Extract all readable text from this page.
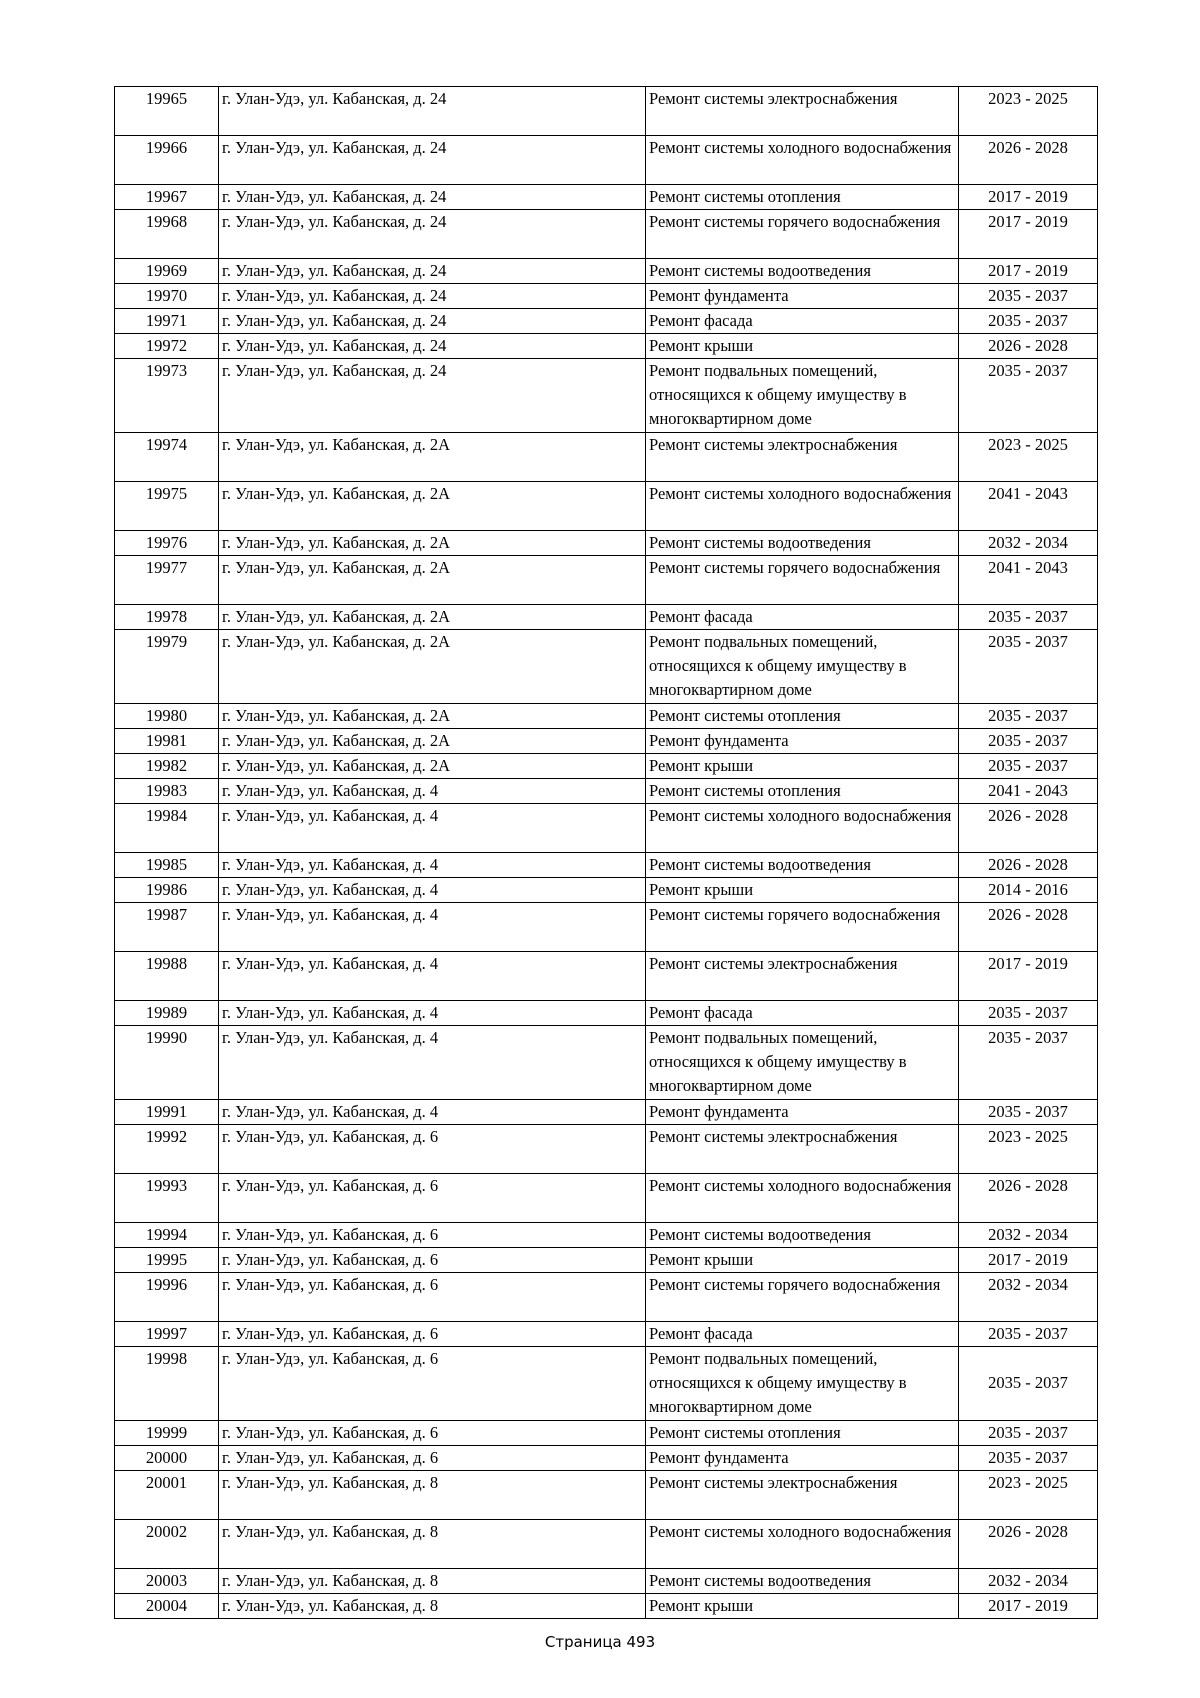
19965	г. Улан-Удэ, ул. Кабанская, д. 24	Ремонт системы электроснабжения	2023 - 2025
19966	г. Улан-Удэ, ул. Кабанская, д. 24	Ремонт системы холодного водоснабжения	2026 - 2028
19967	г. Улан-Удэ, ул. Кабанская, д. 24	Ремонт системы отопления	2017 - 2019
19968	г. Улан-Удэ, ул. Кабанская, д. 24	Ремонт системы горячего водоснабжения	2017 - 2019
19969	г. Улан-Удэ, ул. Кабанская, д. 24	Ремонт системы водоотведения	2017 - 2019
19970	г. Улан-Удэ, ул. Кабанская, д. 24	Ремонт фундамента	2035 - 2037
19971	г. Улан-Удэ, ул. Кабанская, д. 24	Ремонт фасада	2035 - 2037
19972	г. Улан-Удэ, ул. Кабанская, д. 24	Ремонт крыши	2026 - 2028
19973	г. Улан-Удэ, ул. Кабанская, д. 24	Ремонт подвальных помещений, относящихся к общему имуществу в многоквартирном доме	2035 - 2037
19974	г. Улан-Удэ, ул. Кабанская, д. 2А	Ремонт системы электроснабжения	2023 - 2025
19975	г. Улан-Удэ, ул. Кабанская, д. 2А	Ремонт системы холодного водоснабжения	2041 - 2043
19976	г. Улан-Удэ, ул. Кабанская, д. 2А	Ремонт системы водоотведения	2032 - 2034
19977	г. Улан-Удэ, ул. Кабанская, д. 2А	Ремонт системы горячего водоснабжения	2041 - 2043
19978	г. Улан-Удэ, ул. Кабанская, д. 2А	Ремонт фасада	2035 - 2037
19979	г. Улан-Удэ, ул. Кабанская, д. 2А	Ремонт подвальных помещений, относящихся к общему имуществу в многоквартирном доме	2035 - 2037
19980	г. Улан-Удэ, ул. Кабанская, д. 2А	Ремонт системы отопления	2035 - 2037
19981	г. Улан-Удэ, ул. Кабанская, д. 2А	Ремонт фундамента	2035 - 2037
19982	г. Улан-Удэ, ул. Кабанская, д. 2А	Ремонт крыши	2035 - 2037
19983	г. Улан-Удэ, ул. Кабанская, д. 4	Ремонт системы отопления	2041 - 2043
19984	г. Улан-Удэ, ул. Кабанская, д. 4	Ремонт системы холодного водоснабжения	2026 - 2028
19985	г. Улан-Удэ, ул. Кабанская, д. 4	Ремонт системы водоотведения	2026 - 2028
19986	г. Улан-Удэ, ул. Кабанская, д. 4	Ремонт крыши	2014 - 2016
19987	г. Улан-Удэ, ул. Кабанская, д. 4	Ремонт системы горячего водоснабжения	2026 - 2028
19988	г. Улан-Удэ, ул. Кабанская, д. 4	Ремонт системы электроснабжения	2017 - 2019
19989	г. Улан-Удэ, ул. Кабанская, д. 4	Ремонт фасада	2035 - 2037
19990	г. Улан-Удэ, ул. Кабанская, д. 4	Ремонт подвальных помещений, относящихся к общему имуществу в многоквартирном доме	2035 - 2037
19991	г. Улан-Удэ, ул. Кабанская, д. 4	Ремонт фундамента	2035 - 2037
19992	г. Улан-Удэ, ул. Кабанская, д. 6	Ремонт системы электроснабжения	2023 - 2025
19993	г. Улан-Удэ, ул. Кабанская, д. 6	Ремонт системы холодного водоснабжения	2026 - 2028
19994	г. Улан-Удэ, ул. Кабанская, д. 6	Ремонт системы водоотведения	2032 - 2034
19995	г. Улан-Удэ, ул. Кабанская, д. 6	Ремонт крыши	2017 - 2019
19996	г. Улан-Удэ, ул. Кабанская, д. 6	Ремонт системы горячего водоснабжения	2032 - 2034
19997	г. Улан-Удэ, ул. Кабанская, д. 6	Ремонт фасада	2035 - 2037
19998	г. Улан-Удэ, ул. Кабанская, д. 6	Ремонт подвальных помещений, относящихся к общему имуществу в многоквартирном доме	2035 - 2037
19999	г. Улан-Удэ, ул. Кабанская, д. 6	Ремонт системы отопления	2035 - 2037
20000	г. Улан-Удэ, ул. Кабанская, д. 6	Ремонт фундамента	2035 - 2037
20001	г. Улан-Удэ, ул. Кабанская, д. 8	Ремонт системы электроснабжения	2023 - 2025
20002	г. Улан-Удэ, ул. Кабанская, д. 8	Ремонт системы холодного водоснабжения	2026 - 2028
20003	г. Улан-Удэ, ул. Кабанская, д. 8	Ремонт системы водоотведения	2032 - 2034
20004	г. Улан-Удэ, ул. Кабанская, д. 8	Ремонт крыши	2017 - 2019
Страница 493
